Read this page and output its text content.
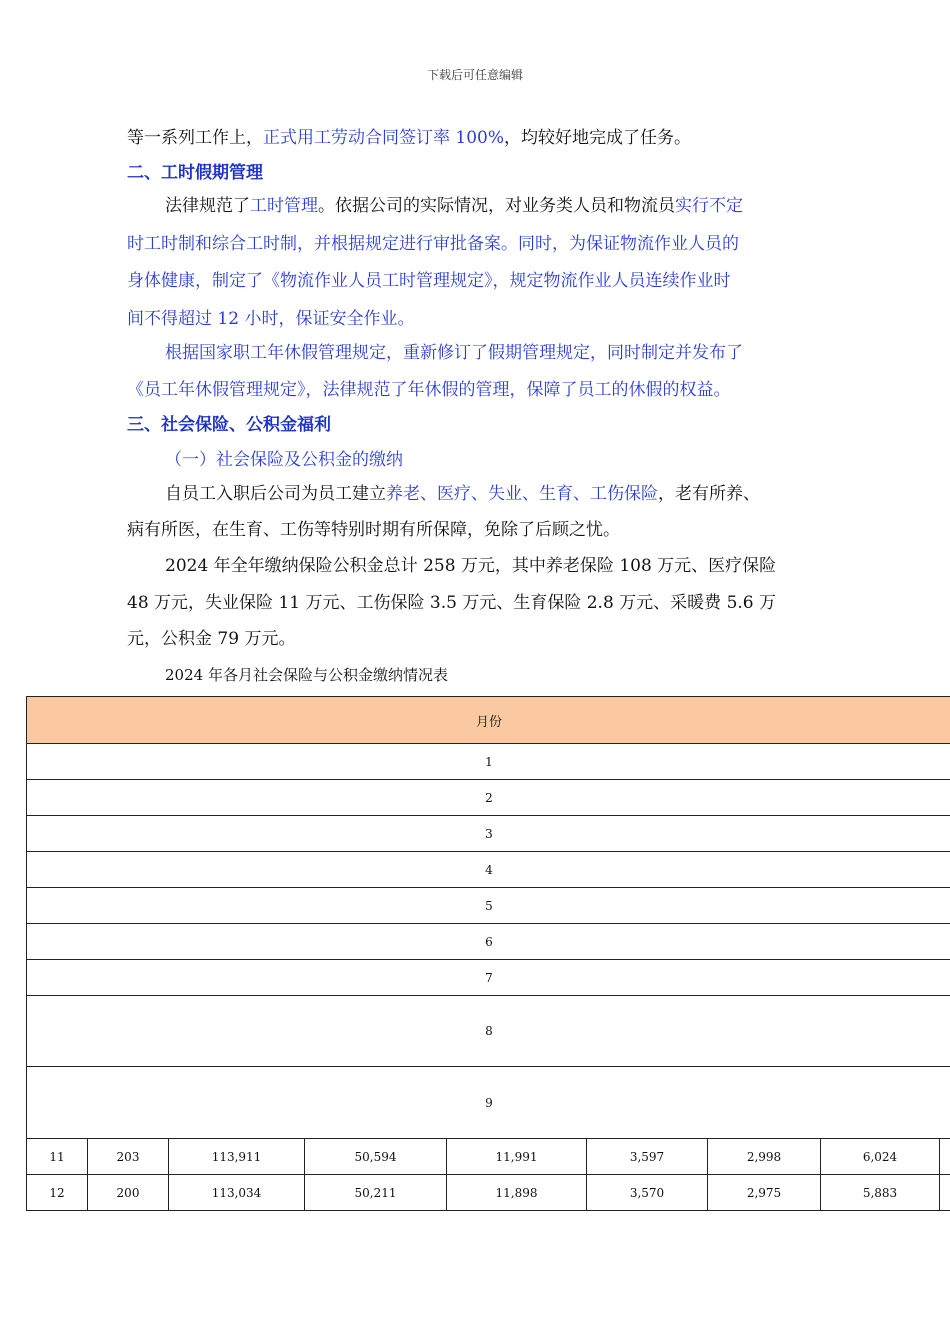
下载后可任意编辑
等一系列工作上，正式用工劳动合同签订率 100%，均较好地完成了任务。
二、工时假期管理
法律规范了工时管理。依据公司的实际情况，对业务类人员和物流员实行不定
时工时制和综合工时制，并根据规定进行审批备案。同时，为保证物流作业人员的
身体健康，制定了《物流作业人员工时管理规定》，规定物流作业人员连续作业时
间不得超过 12 小时，保证安全作业。
根据国家职工年休假管理规定，重新修订了假期管理规定，同时制定并发布了
《员工年休假管理规定》，法律规范了年休假的管理，保障了员工的休假的权益。
三、社会保险、公积金福利
（一）社会保险及公积金的缴纳
自员工入职后公司为员工建立养老、医疗、失业、生育、工伤保险，老有所养、
病有所医，在生育、工伤等特别时期有所保障，免除了后顾之忧。
2024 年全年缴纳保险公积金总计 258 万元，其中养老保险 108 万元、医疗保险
48 万元，失业保险 11 万元、工伤保险 3.5 万元、生育保险 2.8 万元、采暖费 5.6 万
元，公积金 79 万元。
2024 年各月社会保险与公积金缴纳情况表
月份
1
2
3
4
5
6
7
8
9
11	203	113,911	50,594	11,991	3,597	2,998	6,024
12	200	113,034	50,211	11,898	3,570	2,975	5,883
